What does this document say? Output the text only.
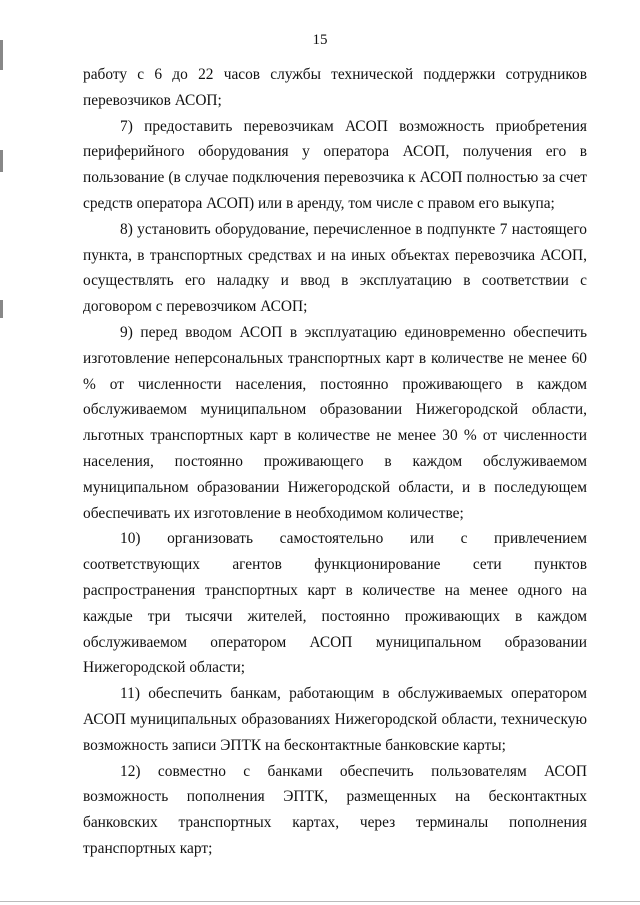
15

работу с 6 до 22 часов службы технической поддержки сотрудников перевозчиков АСОП;

7) предоставить перевозчикам АСОП возможность приобретения периферийного оборудования у оператора АСОП, получения его в пользование (в случае подключения перевозчика к АСОП полностью за счет средств оператора АСОП) или в аренду, том числе с правом его выкупа;

8) установить оборудование, перечисленное в подпункте 7 настоящего пункта, в транспортных средствах и на иных объектах перевозчика АСОП, осуществлять его наладку и ввод в эксплуатацию в соответствии с договором с перевозчиком АСОП;

9) перед вводом АСОП в эксплуатацию единовременно обеспечить изготовление неперсональных транспортных карт в количестве не менее 60 % от численности населения, постоянно проживающего в каждом обслуживаемом муниципальном образовании Нижегородской области, льготных транспортных карт в количестве не менее 30 % от численности населения, постоянно проживающего в каждом обслуживаемом муниципальном образовании Нижегородской области, и в последующем обеспечивать их изготовление в необходимом количестве;

10) организовать самостоятельно или с привлечением соответствующих агентов функционирование сети пунктов распространения транспортных карт в количестве на менее одного на каждые три тысячи жителей, постоянно проживающих в каждом обслуживаемом оператором АСОП муниципальном образовании Нижегородской области;

11) обеспечить банкам, работающим в обслуживаемых оператором АСОП муниципальных образованиях Нижегородской области, техническую возможность записи ЭПТК на бесконтактные банковские карты;

12) совместно с банками обеспечить пользователям АСОП возможность пополнения ЭПТК, размещенных на бесконтактных банковских транспортных картах, через терминалы пополнения транспортных карт;
